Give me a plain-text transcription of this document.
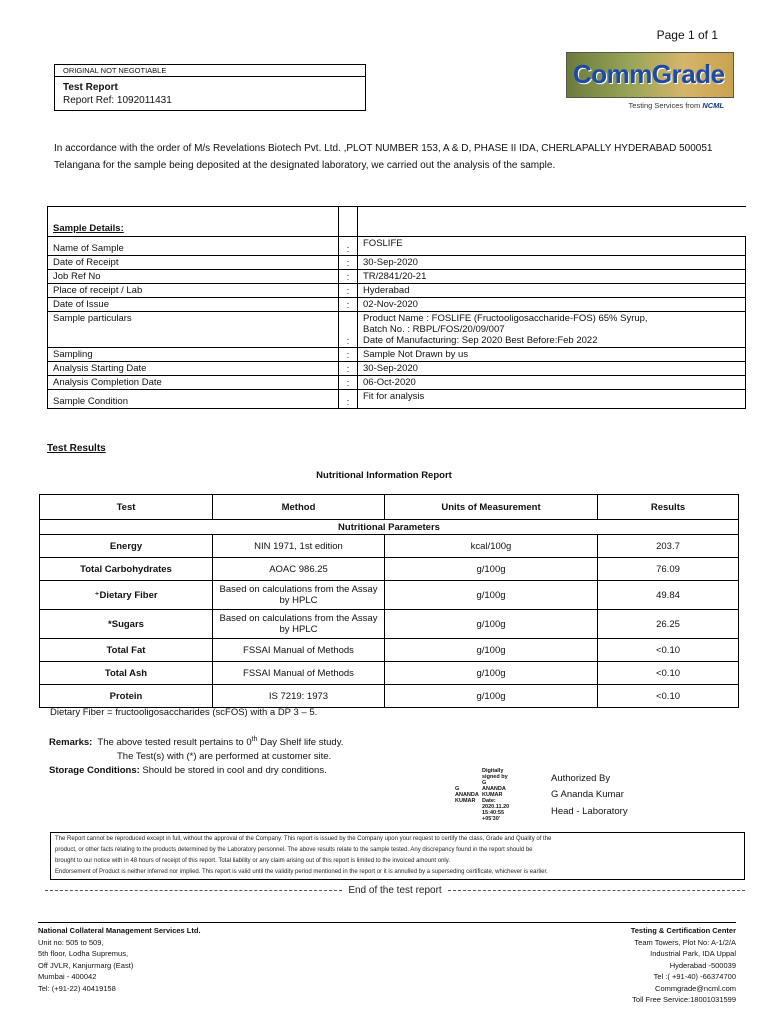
Page 1 of 1
ORIGINAL NOT NEGOTIABLE
Test Report
Report Ref: 1092011431
CommGrade
Testing Services from NCML
In accordance with the order of M/s Revelations Biotech Pvt. Ltd. ,PLOT NUMBER 153, A & D, PHASE II IDA, CHERLAPALLY HYDERABAD 500051 Telangana for the sample being deposited at the designated laboratory, we carried out the analysis of the sample.
Sample Details:		
Name of Sample	:	FOSLIFE
Date of Receipt	:	30-Sep-2020
Job Ref No	:	TR/2841/20-21
Place of receipt / Lab	:	Hyderabad
Date of Issue	:	02-Nov-2020
Sample particulars	:	Product Name : FOSLIFE (Fructooligosaccharide-FOS) 65% Syrup,
Batch No. : RBPL/FOS/20/09/007
Date of Manufacturing: Sep 2020 Best Before:Feb 2022

Sampling	:	Sample Not Drawn by us
Analysis Starting Date	:	30-Sep-2020
Analysis Completion Date	:	06-Oct-2020
Sample Condition	:	Fit for analysis
Test Results
Nutritional Information Report
Test	Method	Units of Measurement	Results
Nutritional Parameters			
Energy	NIN 1971, 1st edition	kcal/100g	203.7
Total Carbohydrates	AOAC 986.25	g/100g	76.09
⁺Dietary Fiber	Based on calculations from the Assay by HPLC	g/100g	49.84
*Sugars	Based on calculations from the Assay by HPLC	g/100g	26.25
Total Fat	FSSAI Manual of Methods	g/100g	<0.10
Total Ash	FSSAI Manual of Methods	g/100g	<0.10
Protein	IS 7219: 1973	g/100g	<0.10
Dietary Fiber = fructooligosaccharides (scFOS) with a DP 3 – 5.
Remarks: The above tested result pertains to 0th Day Shelf life study.
The Test(s) with (*) are performed at customer site.
Storage Conditions: Should be stored in cool and dry conditions.
G
ANANDA
KUMAR
Digitally
signed by
G
ANANDA
KUMAR
Date:
2020.11.20
15:40:55
+05'30'
Authorized By
G Ananda Kumar
Head - Laboratory
The Report cannot be reproduced except in full, without the approval of the Company. This report is issued by the Company upon your request to certify the class, Grade and Quality of the
product, or other facts relating to the products determined by the Laboratory personnel. The above results relate to the sample tested. Any discrepancy found in the report should be
brought to our notice with in 48 hours of receipt of this report. Total liability or any claim arising out of this report is limited to the invoiced amount only.
Endorsement of Product is neither inferred nor implied. This report is valid until the validity period mentioned in the report or it is annulled by a superseding certificate, whichever is earlier.
End of the test report
National Collateral Management Services Ltd.
Unit no: 505 to 509,
5th floor, Lodha Supremus,
Off JVLR, Kanjurmarg (East)
Mumbai - 400042
Tel: (+91-22) 40419158
Testing & Certification Center
Team Towers, Plot No: A-1/2/A
Industrial Park, IDA Uppal
Hyderabad -500039
Tel :( +91-40) -66374700
Commgrade@ncml.com
Toll Free Service:18001031599
